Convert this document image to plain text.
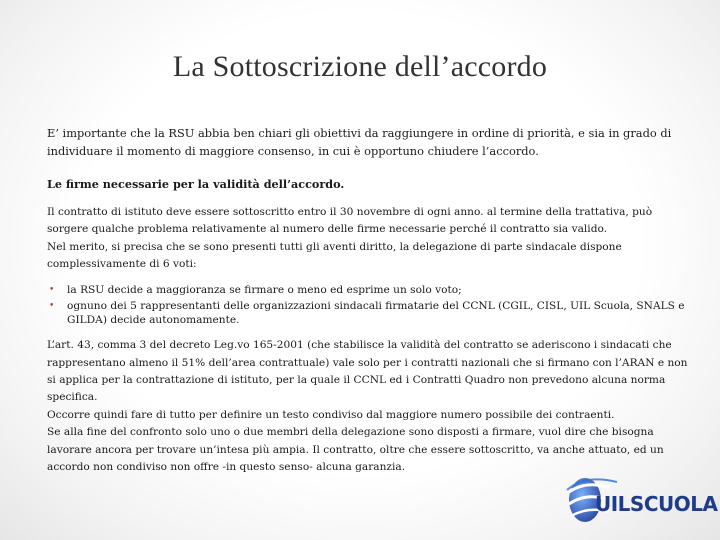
La Sottoscrizione dell’accordo

E’ importante che la RSU abbia ben chiari gli obiettivi da raggiungere in ordine di priorità, e sia in grado di individuare il momento di maggiore consenso, in cui è opportuno chiudere l’accordo.

Le firme necessarie per la validità dell’accordo.

Il contratto di istituto deve essere sottoscritto entro il 30 novembre di ogni anno. al termine della trattativa, può sorgere qualche problema relativamente al numero delle firme necessarie perché il contratto sia valido.

Nel merito, si precisa che se sono presenti tutti gli aventi diritto, la delegazione di parte sindacale dispone complessivamente di 6 voti:

• la RSU decide a maggioranza se firmare o meno ed esprime un solo voto;
• ognuno dei 5 rappresentanti delle organizzazioni sindacali firmatarie del CCNL (CGIL, CISL, UIL Scuola, SNALS e GILDA) decide autonomamente.

L’art. 43, comma 3 del decreto Leg.vo 165-2001 (che stabilisce la validità del contratto se aderiscono i sindacati che rappresentano almeno il 51% dell’area contrattuale) vale solo per i contratti nazionali che si firmano con l’ARAN e non si applica per la contrattazione di istituto, per la quale il CCNL ed i Contratti Quadro non prevedono alcuna norma specifica.

Occorre quindi fare di tutto per definire un testo condiviso dal maggiore numero possibile dei contraenti.

Se alla fine del confronto solo uno o due membri della delegazione sono disposti a firmare, vuol dire che bisogna lavorare ancora per trovare un’intesa più ampia. Il contratto, oltre che essere sottoscritto, va anche attuato, ed un accordo non condiviso non offre -in questo senso- alcuna garanzia.

UILSCUOLA
